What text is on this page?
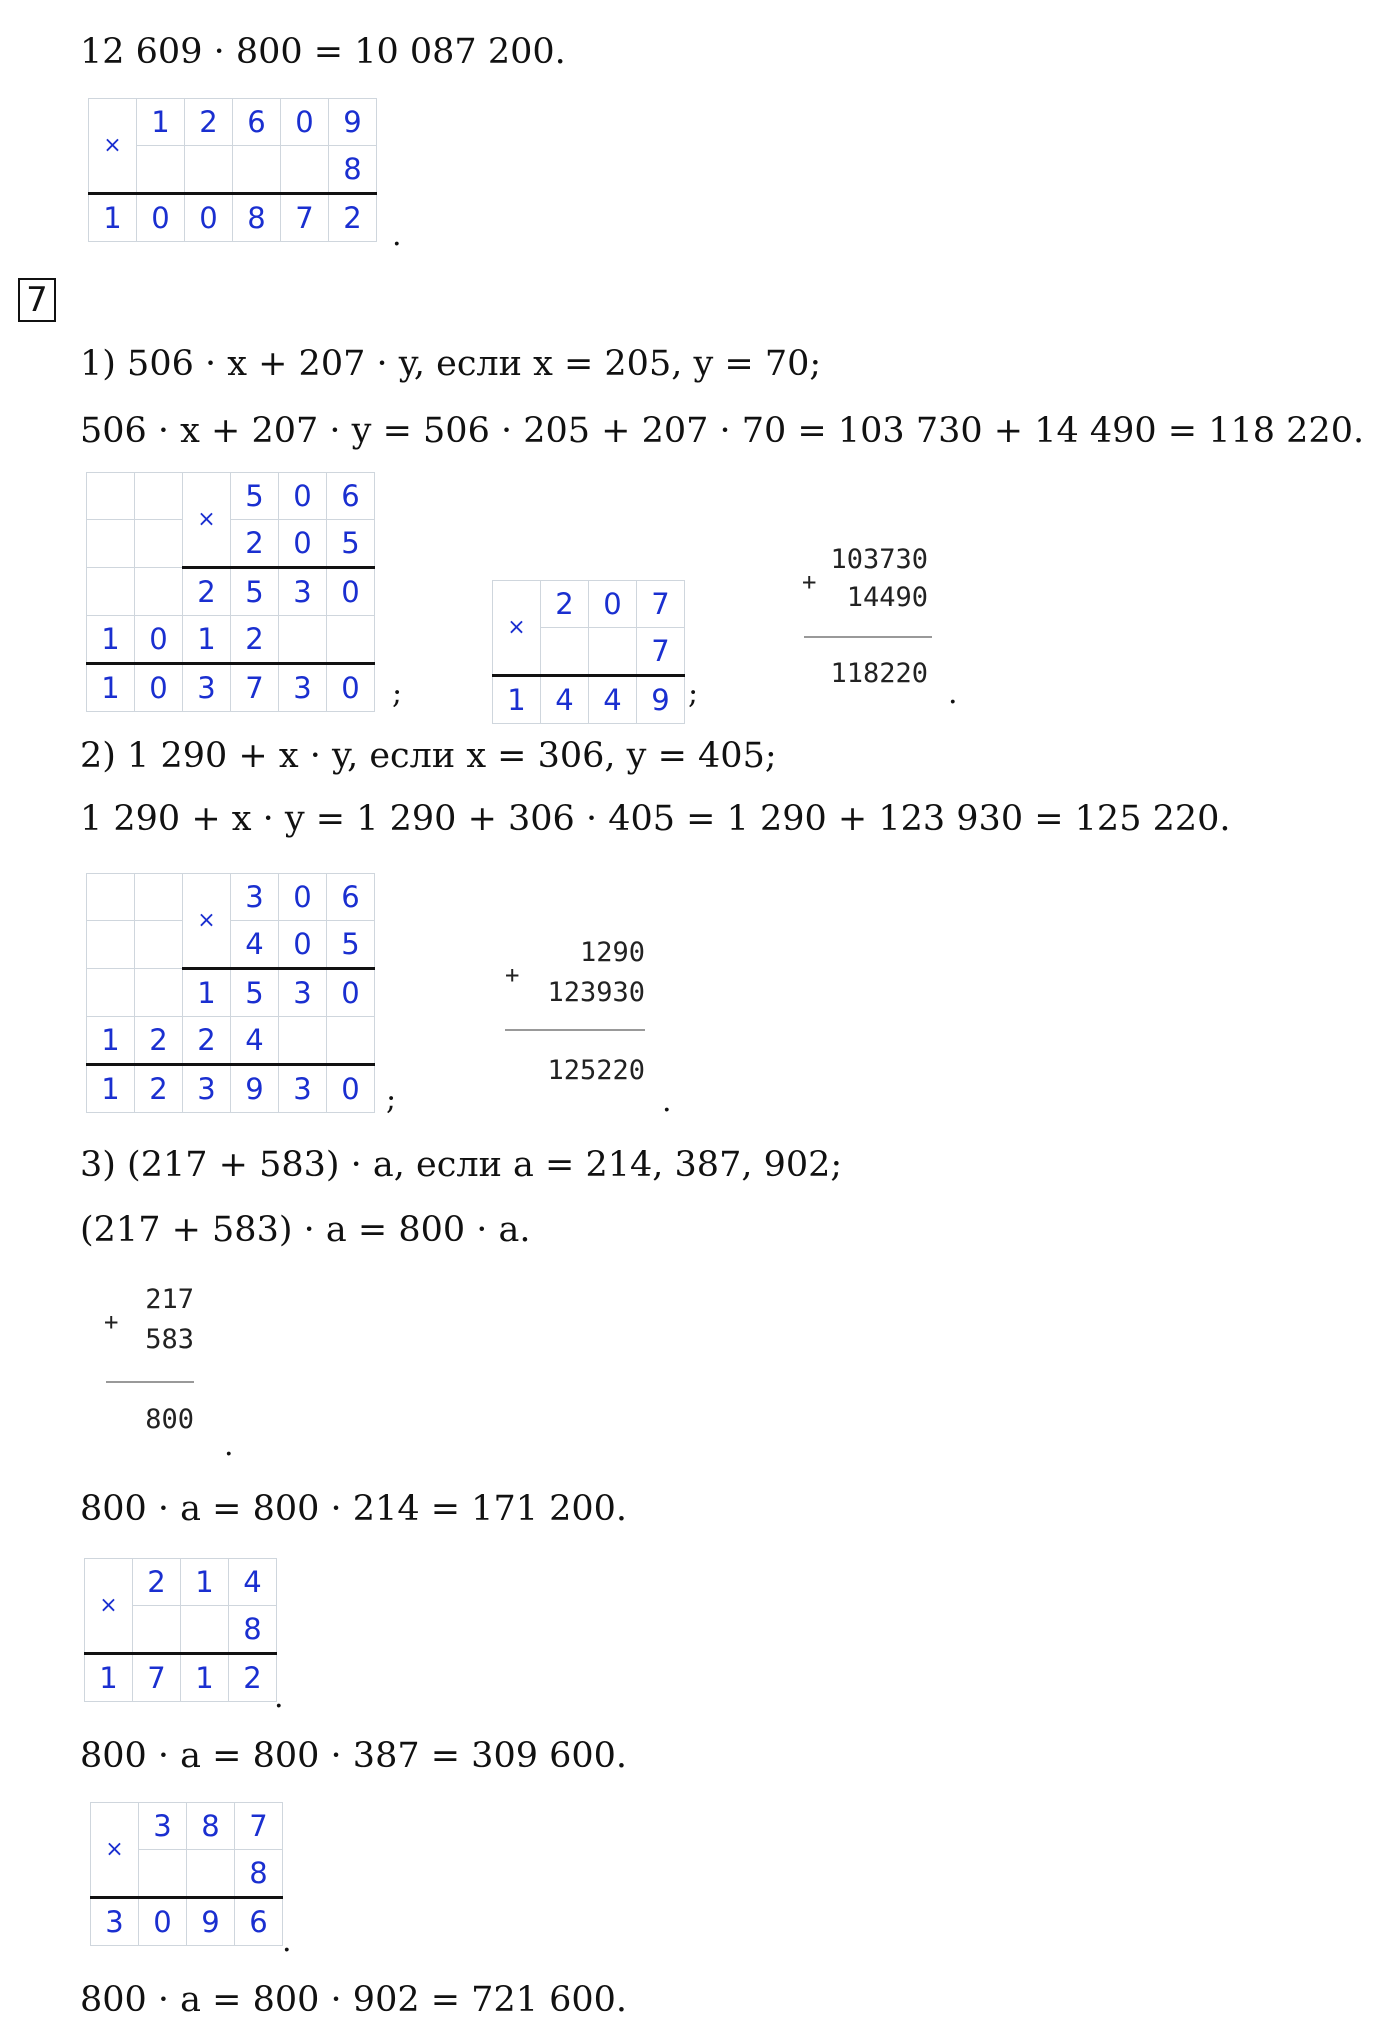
12 609 · 800 = 10 087 200.
×	1	2	6	0	9
					8
1	0	0	8	7	2 .
7
1) 506 · x + 207 · y, если x = 205, y = 70;
506 · x + 207 · y = 506 · 205 + 207 · 70 = 103 730 + 14 490 = 118 220.
		×	5	0	6
			2	0	5
		2	5	3	0
1	0	1	2		
1	0	3	7	3	0 ;
×	2	0	7
			7
1	4	4	9 ;
+
103730
14490
118220
.
2) 1 290 + x · y, если x = 306, y = 405;
1 290 + x · y = 1 290 + 306 · 405 = 1 290 + 123 930 = 125 220.
		×	3	0	6
			4	0	5
		1	5	3	0
1	2	2	4		
1	2	3	9	3	0 ;
+
1290
123930
125220
.
3) (217 + 583) · a, если a = 214, 387, 902;
(217 + 583) · a = 800 · a.
+
217
583
800
.
800 · a = 800 · 214 = 171 200.
×	2	1	4
			8
1	7	1	2
.
800 · a = 800 · 387 = 309 600.
×	3	8	7
			8
3	0	9	6
.
800 · a = 800 · 902 = 721 600.
